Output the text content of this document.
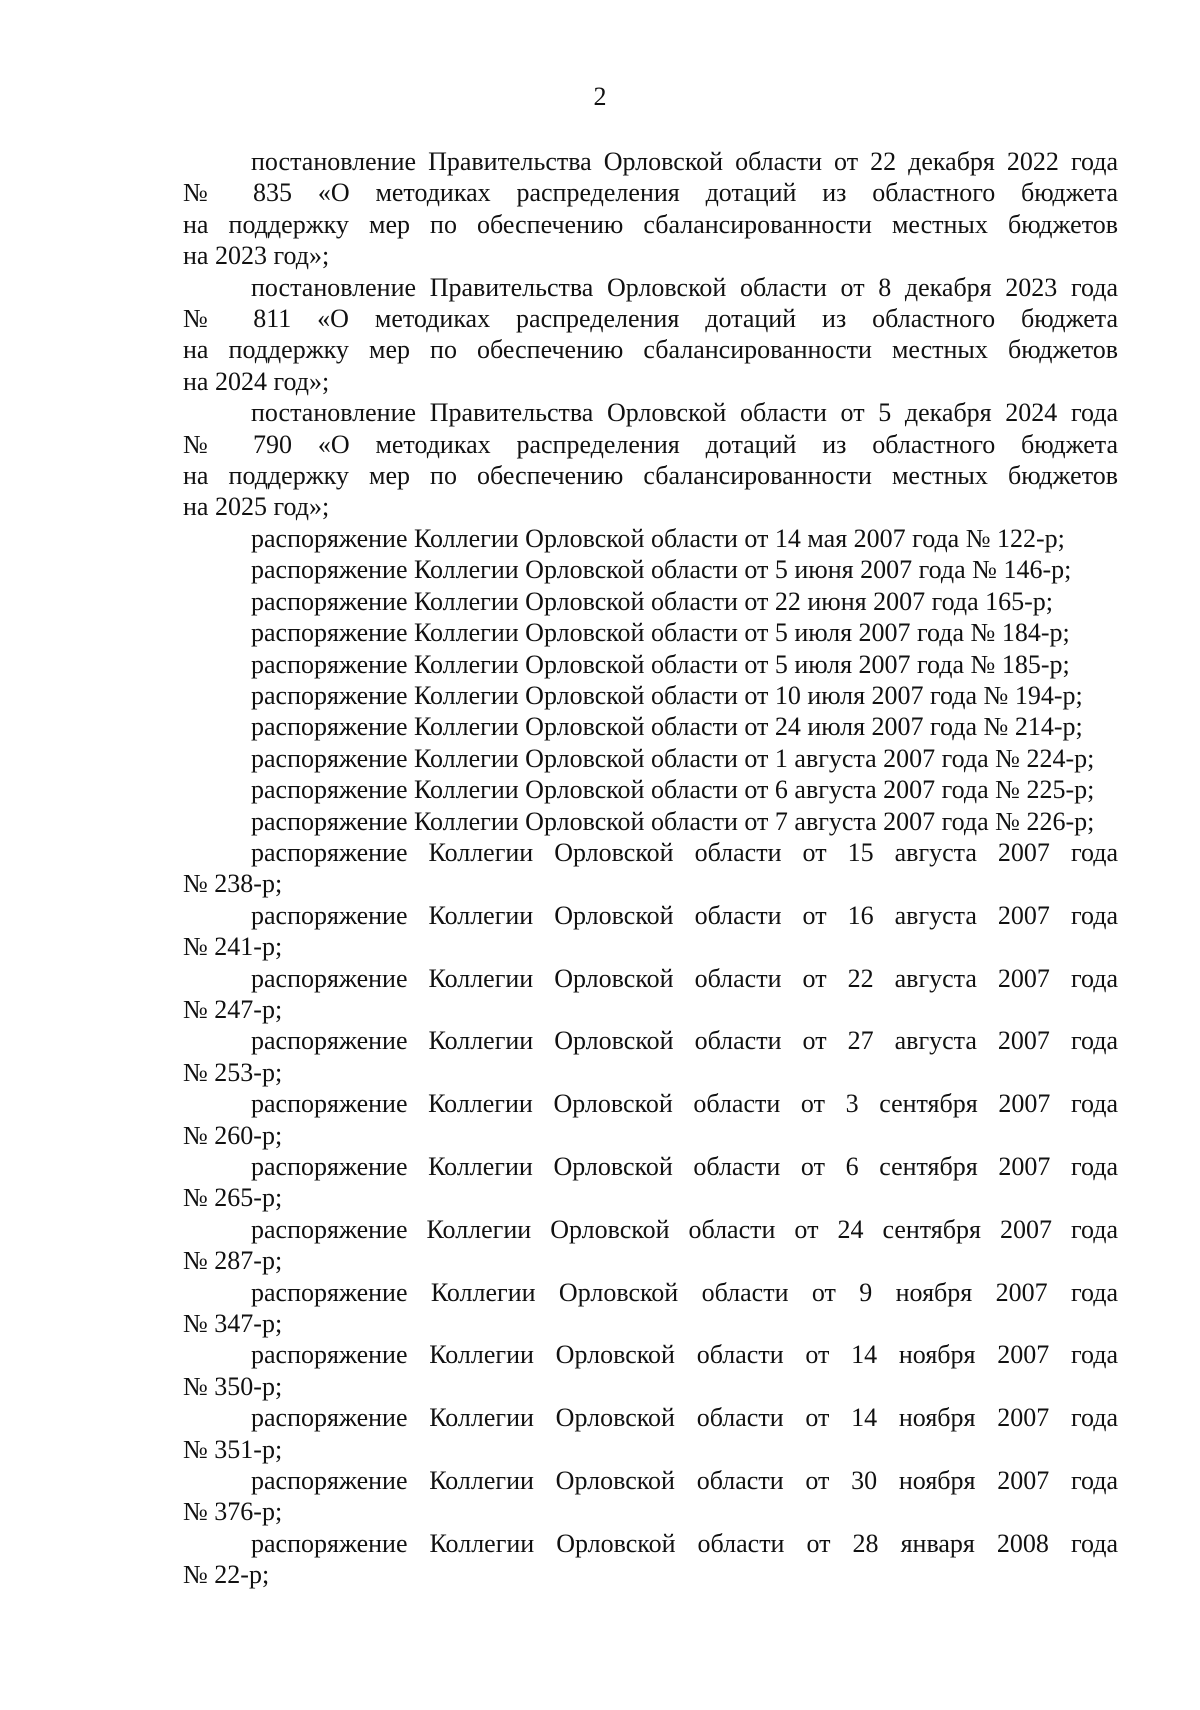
2
постановление Правительства Орловской области от 22 декабря 2022 года
№ 835 «О методиках распределения дотаций из областного бюджета
на поддержку мер по обеспечению сбалансированности местных бюджетов
на 2023 год»;
постановление Правительства Орловской области от 8 декабря 2023 года
№ 811 «О методиках распределения дотаций из областного бюджета
на поддержку мер по обеспечению сбалансированности местных бюджетов
на 2024 год»;
постановление Правительства Орловской области от 5 декабря 2024 года
№ 790 «О методиках распределения дотаций из областного бюджета
на поддержку мер по обеспечению сбалансированности местных бюджетов
на 2025 год»;
распоряжение Коллегии Орловской области от 14 мая 2007 года № 122-р;
распоряжение Коллегии Орловской области от 5 июня 2007 года № 146-р;
распоряжение Коллегии Орловской области от 22 июня 2007 года 165-р;
распоряжение Коллегии Орловской области от 5 июля 2007 года № 184-р;
распоряжение Коллегии Орловской области от 5 июля 2007 года № 185-р;
распоряжение Коллегии Орловской области от 10 июля 2007 года № 194-р;
распоряжение Коллегии Орловской области от 24 июля 2007 года № 214-р;
распоряжение Коллегии Орловской области от 1 августа 2007 года № 224-р;
распоряжение Коллегии Орловской области от 6 августа 2007 года № 225-р;
распоряжение Коллегии Орловской области от 7 августа 2007 года № 226-р;
распоряжение Коллегии Орловской области от 15 августа 2007 года
№ 238-р;
распоряжение Коллегии Орловской области от 16 августа 2007 года
№ 241-р;
распоряжение Коллегии Орловской области от 22 августа 2007 года
№ 247-р;
распоряжение Коллегии Орловской области от 27 августа 2007 года
№ 253-р;
распоряжение Коллегии Орловской области от 3 сентября 2007 года
№ 260-р;
распоряжение Коллегии Орловской области от 6 сентября 2007 года
№ 265-р;
распоряжение Коллегии Орловской области от 24 сентября 2007 года
№ 287-р;
распоряжение Коллегии Орловской области от 9 ноября 2007 года
№ 347-р;
распоряжение Коллегии Орловской области от 14 ноября 2007 года
№ 350-р;
распоряжение Коллегии Орловской области от 14 ноября 2007 года
№ 351-р;
распоряжение Коллегии Орловской области от 30 ноября 2007 года
№ 376-р;
распоряжение Коллегии Орловской области от 28 января 2008 года
№ 22-р;
